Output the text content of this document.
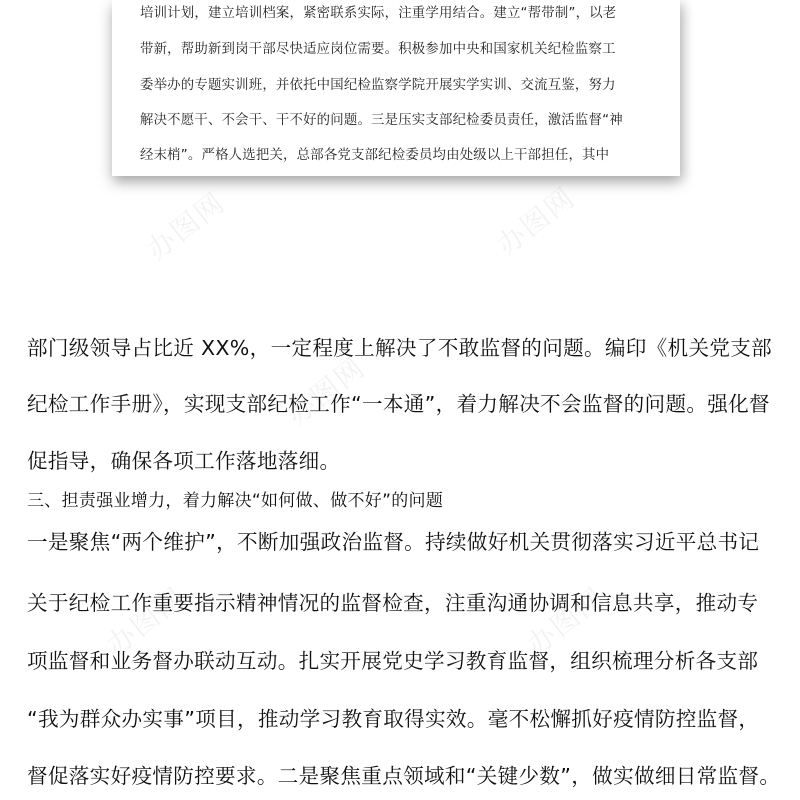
培训计划，建立培训档案，紧密联系实际，注重学用结合。建立“帮带制”，以老
带新，帮助新到岗干部尽快适应岗位需要。积极参加中央和国家机关纪检监察工
委举办的专题实训班，并依托中国纪检监察学院开展实学实训、交流互鉴，努力
解决不愿干、不会干、干不好的问题。三是压实支部纪检委员责任，激活监督“神
经末梢”。严格人选把关，总部各党支部纪检委员均由处级以上干部担任，其中
办图网	办图网
办图网
办图网	办图网
部门级领导占比近 XX%，一定程度上解决了不敢监督的问题。编印《机关党支部
纪检工作手册》，实现支部纪检工作“一本通”，着力解决不会监督的问题。强化督
促指导，确保各项工作落地落细。
三、担责强业增力，着力解决“如何做、做不好”的问题
一是聚焦“两个维护”，不断加强政治监督。持续做好机关贯彻落实习近平总书记
关于纪检工作重要指示精神情况的监督检查，注重沟通协调和信息共享，推动专
项监督和业务督办联动互动。扎实开展党史学习教育监督，组织梳理分析各支部
“我为群众办实事”项目，推动学习教育取得实效。毫不松懈抓好疫情防控监督，
督促落实好疫情防控要求。二是聚焦重点领域和“关键少数”，做实做细日常监督。
